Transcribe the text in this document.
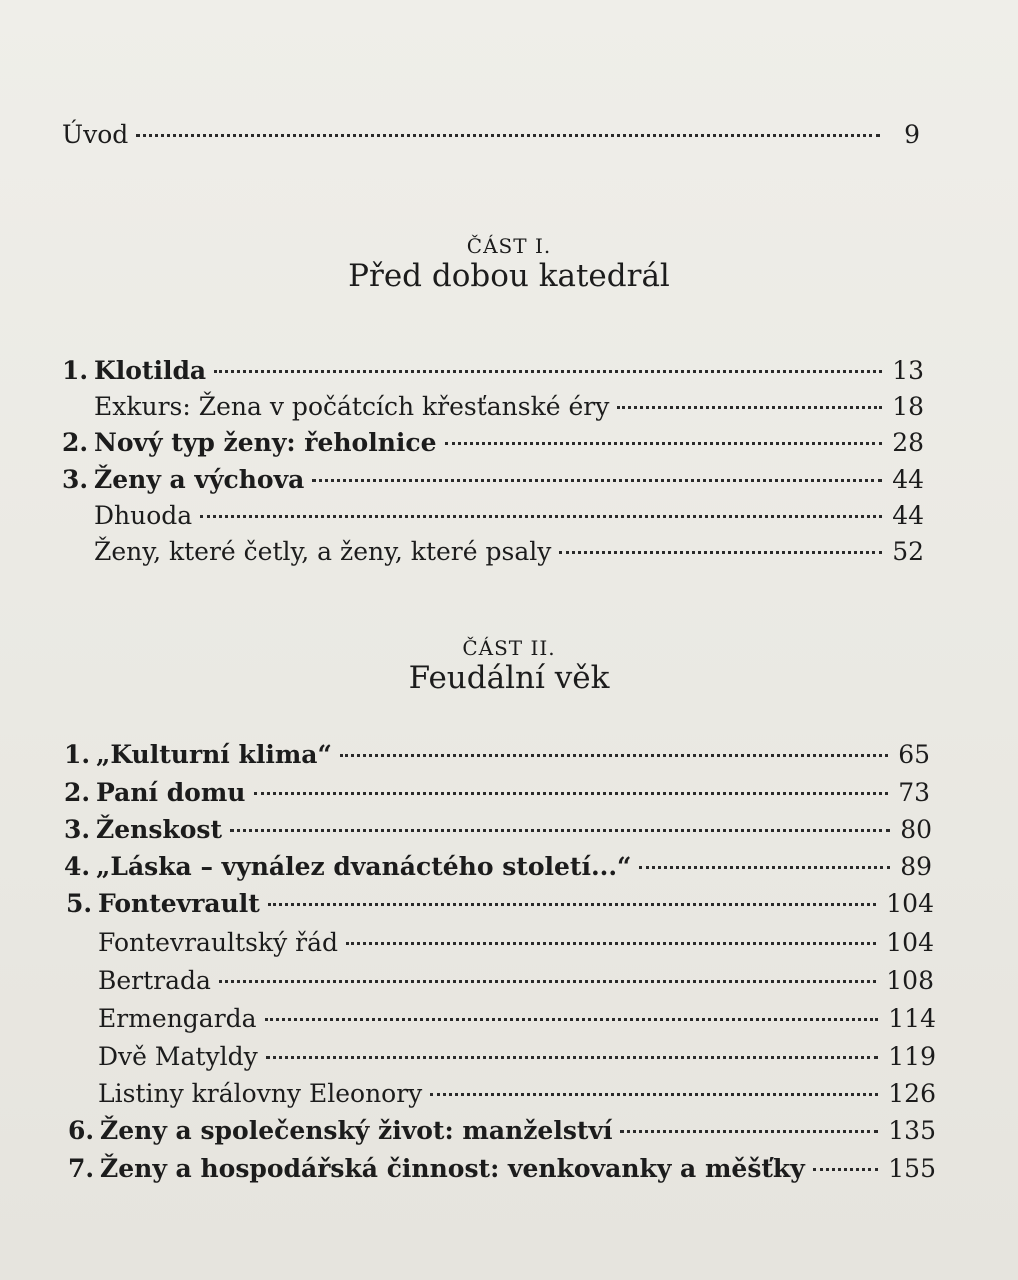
Úvod	9
ČÁST I.
Před dobou katedrál
1. Klotilda	13
Exkurs: Žena v počátcích křesťanské éry	18
2. Nový typ ženy: řeholnice	28
3. Ženy a výchova	44
Dhuoda	44
Ženy, které četly, a ženy, které psaly	52
ČÁST II.
Feudální věk
1. „Kulturní klima“	65
2. Paní domu	73
3. Ženskost	80
4. „Láska – vynález dvanáctého století...“	89
5. Fontevrault	104
Fontevraultský řád	104
Bertrada	108
Ermengarda	114
Dvě Matyldy	119
Listiny královny Eleonory	126
6. Ženy a společenský život: manželství	135
7. Ženy a hospodářská činnost: venkovanky a měšťky	155
